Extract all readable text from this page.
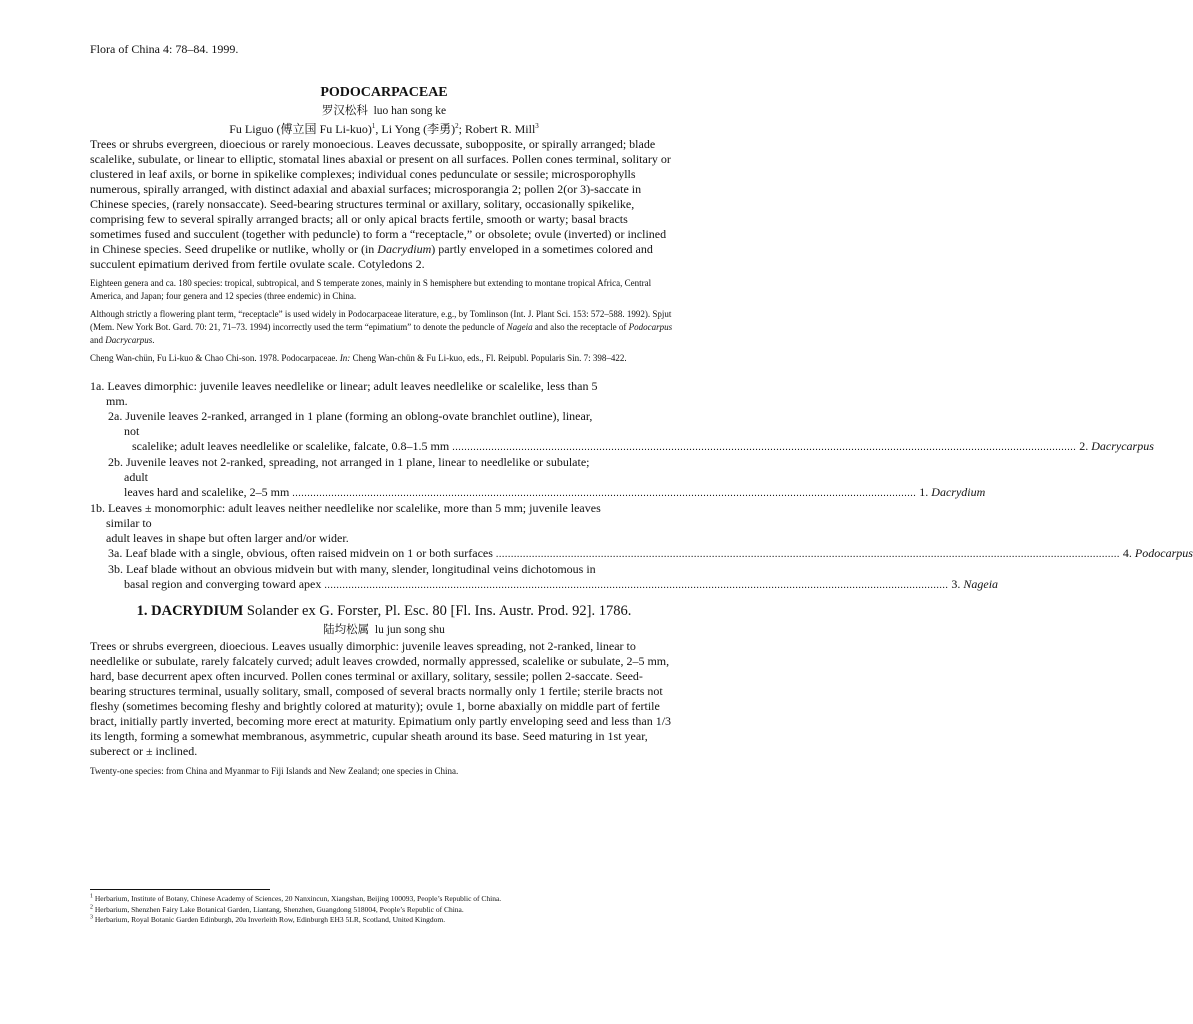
Flora of China 4: 78–84. 1999.

PODOCARPACEAE

罗汉松科 luo han song ke

Fu Liguo (傅立国 Fu Li-kuo)$^1$, Li Yong (李勇)$^2$; Robert R. Mill$^3$

Trees or shrubs evergreen, dioecious or rarely monoecious. Leaves decussate, subopposite, or spirally arranged; blade scalelike, subulate, or linear to elliptic, stomatal lines abaxial or present on all surfaces. Pollen cones terminal, solitary or clustered in leaf axils, or borne in spikelike complexes; individual cones pedunculate or sessile; microsporophylls numerous, spirally arranged, with distinct adaxial and abaxial surfaces; microsporangia 2; pollen 2(or 3)-saccate in Chinese species, (rarely nonsaccate). Seed-bearing structures terminal or axillary, solitary, occasionally spikelike, comprising few to several spirally arranged bracts; all or only apical bracts fertile, smooth or warty; basal bracts sometimes fused and succulent (together with peduncle) to form a “receptacle,” or obsolete; ovule (inverted) or inclined in Chinese species. Seed drupelike or nutlike, wholly or (in Dacrydium) partly enveloped in a sometimes colored and succulent epimatium derived from fertile ovulate scale. Cotyledons 2.

Eighteen genera and ca. 180 species: tropical, subtropical, and S temperate zones, mainly in S hemisphere but extending to montane tropical Africa, Central America, and Japan; four genera and 12 species (three endemic) in China.

Although strictly a flowering plant term, “receptacle” is used widely in Podocarpaceae literature, e.g., by Tomlinson (Int. J. Plant Sci. 153: 572–588. 1992). Spjut (Mem. New York Bot. Gard. 70: 21, 71–73. 1994) incorrectly used the term “epimatium” to denote the peduncle of Nageia and also the receptacle of Podocarpus and Dacrycarpus.

Cheng Wan-chün, Fu Li-kuo & Chao Chi-son. 1978. Podocarpaceae. In: Cheng Wan-chün & Fu Li-kuo, eds., Fl. Reipubl. Popularis Sin. 7: 398–422.

1a. Leaves dimorphic: juvenile leaves needlelike or linear; adult leaves needlelike or scalelike, less than 5
mm.
2a. Juvenile leaves 2-ranked, arranged in 1 plane (forming an oblong-ovate branchlet outline), linear,
not
scalelike; adult leaves needlelike or scalelike, falcate, 0.8–1.5 mm ................................................................................................................................................................................................................ 2. Dacrycarpus
2b. Juvenile leaves not 2-ranked, spreading, not arranged in 1 plane, linear to needlelike or subulate;
adult
leaves hard and scalelike, 2–5 mm ................................................................................................................................................................................................................ 1. Dacrydium
1b. Leaves ± monomorphic: adult leaves neither needlelike nor scalelike, more than 5 mm; juvenile leaves
similar to
adult leaves in shape but often larger and/or wider.
3a. Leaf blade with a single, obvious, often raised midvein on 1 or both surfaces ................................................................................................................................................................................................................ 4. Podocarpus
3b. Leaf blade without an obvious midvein but with many, slender, longitudinal veins dichotomous in
basal region and converging toward apex ................................................................................................................................................................................................................ 3. Nageia

1. DACRYDIUM Solander ex G. Forster, Pl. Esc. 80 [Fl. Ins. Austr. Prod. 92]. 1786.

陆均松属 lu jun song shu

Trees or shrubs evergreen, dioecious. Leaves usually dimorphic: juvenile leaves spreading, not 2-ranked, linear to needlelike or subulate, rarely falcately curved; adult leaves crowded, normally appressed, scalelike or subulate, 2–5 mm, hard, base decurrent apex often incurved. Pollen cones terminal or axillary, solitary, sessile; pollen 2-saccate. Seed-bearing structures terminal, usually solitary, small, composed of several bracts normally only 1 fertile; sterile bracts not fleshy (sometimes becoming fleshy and brightly colored at maturity); ovule 1, borne abaxially on middle part of fertile bract, initially partly inverted, becoming more erect at maturity. Epimatium only partly enveloping seed and less than 1/3 its length, forming a somewhat membranous, asymmetric, cupular sheath around its base. Seed maturing in 1st year, suberect or ± inclined.

Twenty-one species: from China and Myanmar to Fiji Islands and New Zealand; one species in China.

$^1$ Herbarium, Institute of Botany, Chinese Academy of Sciences, 20 Nanxincun, Xiangshan, Beijing 100093, People’s Republic of China.
$^2$ Herbarium, Shenzhen Fairy Lake Botanical Garden, Liantang, Shenzhen, Guangdong 518004, People’s Republic of China.
$^3$ Herbarium, Royal Botanic Garden Edinburgh, 20a Inverleith Row, Edinburgh EH3 5LR, Scotland, United Kingdom.
